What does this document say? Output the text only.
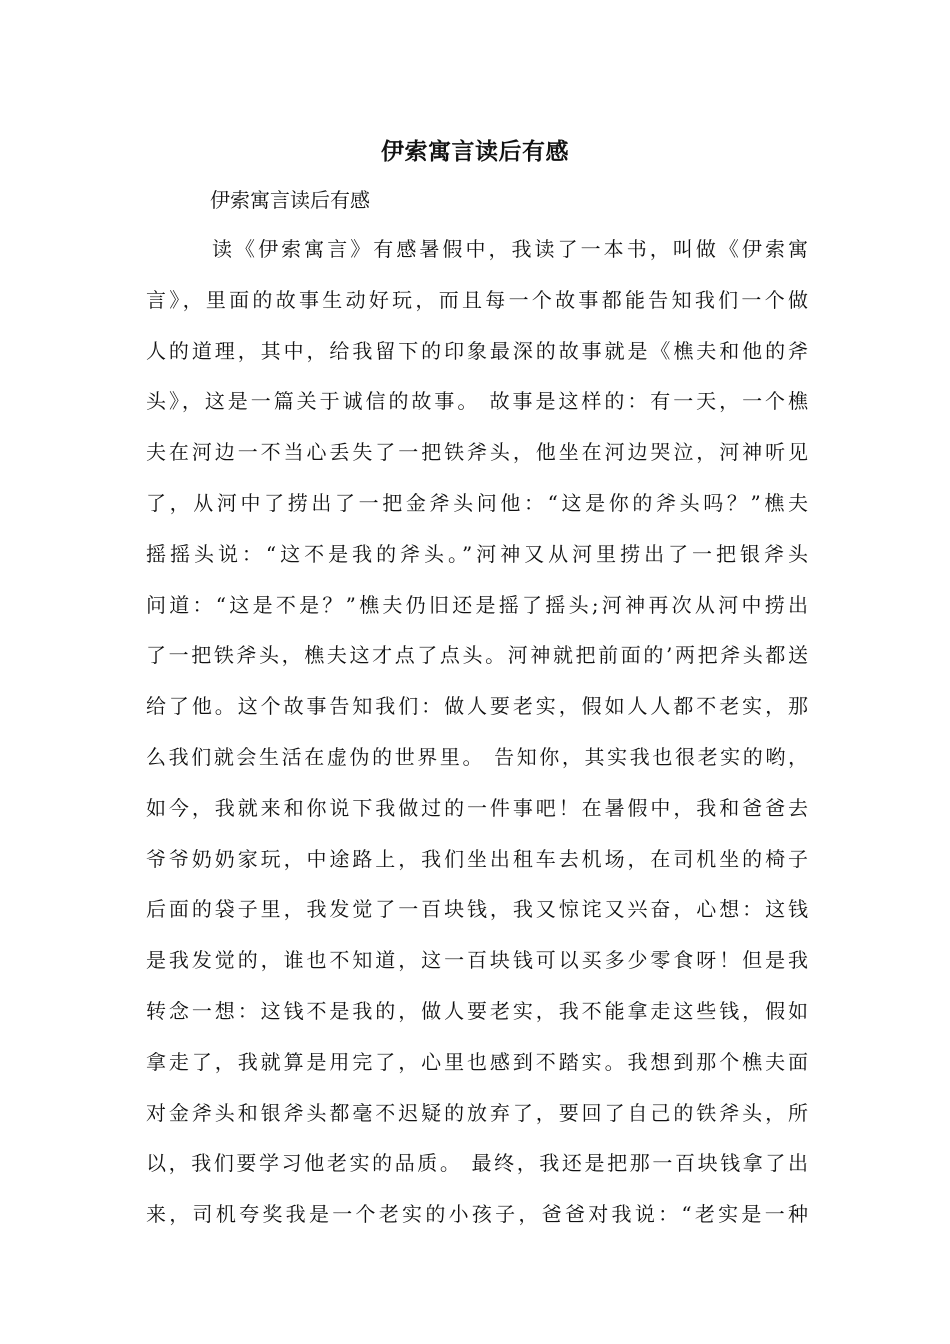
伊索寓言读后有感
伊索寓言读后有感
读《伊索寓言》有感暑假中，我读了一本书，叫做《伊索寓
言》，里面的故事生动好玩，而且每一个故事都能告知我们一个做
人的道理，其中，给我留下的印象最深的故事就是《樵夫和他的斧
头》，这是一篇关于诚信的故事。 故事是这样的：有一天，一个樵
夫在河边一不当心丢失了一把铁斧头，他坐在河边哭泣，河神听见
了，从河中了捞出了一把金斧头问他：“这是你的斧头吗？”樵夫
摇摇头说：“这不是我的斧头。”河神又从河里捞出了一把银斧头
问道：“这是不是？”樵夫仍旧还是摇了摇头;河神再次从河中捞出
了一把铁斧头，樵夫这才点了点头。河神就把前面的’两把斧头都送
给了他。这个故事告知我们：做人要老实，假如人人都不老实，那
么我们就会生活在虚伪的世界里。 告知你，其实我也很老实的哟，
如今，我就来和你说下我做过的一件事吧！在暑假中，我和爸爸去
爷爷奶奶家玩，中途路上，我们坐出租车去机场，在司机坐的椅子
后面的袋子里，我发觉了一百块钱，我又惊诧又兴奋，心想：这钱
是我发觉的，谁也不知道，这一百块钱可以买多少零食呀！但是我
转念一想：这钱不是我的，做人要老实，我不能拿走这些钱，假如
拿走了，我就算是用完了，心里也感到不踏实。我想到那个樵夫面
对金斧头和银斧头都毫不迟疑的放弃了，要回了自己的铁斧头，所
以，我们要学习他老实的品质。 最终，我还是把那一百块钱拿了出
来，司机夸奖我是一个老实的小孩子，爸爸对我说：“老实是一种
